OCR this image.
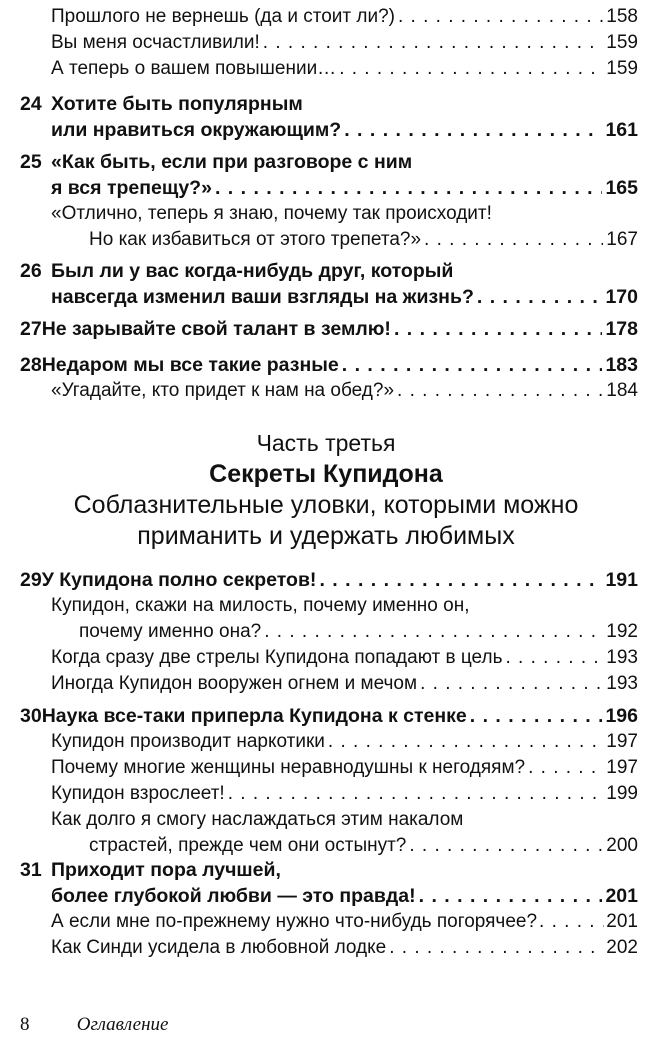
Прошлого не вернешь (да и стоит ли?) . . .	158
Вы меня осчастливили! . . .	159
А теперь о вашем повышении… . . .	159
24 Хотите быть популярным
или нравиться окружающим? . . .	161
25 «Как быть, если при разговоре с ним
я вся трепещу?» . . .	165
«Отлично, теперь я знаю, почему так происходит!
Но как избавиться от этого трепета?» . . .	167
26 Был ли у вас когда-нибудь друг, который
навсегда изменил ваши взгляды на жизнь? . . .	170
27 Не зарывайте свой талант в землю! . . .	178
28 Недаром мы все такие разные . . .	183
«Угадайте, кто придет к нам на обед?» . . .	184
Часть третья
Секреты Купидона
Соблазнительные уловки, которыми можно
приманить и удержать любимых
29 У Купидона полно секретов! . . .	191
Купидон, скажи на милость, почему именно он,
почему именно она? . . .	192
Когда сразу две стрелы Купидона попадают в цель . . .	193
Иногда Купидон вооружен огнем и мечом . . .	193
30 Наука все-таки приперла Купидона к стенке . . .	196
Купидон производит наркотики . . .	197
Почему многие женщины неравнодушны к негодяям? . . .	197
Купидон взрослеет! . . .	199
Как долго я смогу наслаждаться этим накалом
страстей, прежде чем они остынут? . . .	200
31 Приходит пора лучшей,
более глубокой любви — это правда! . . .	201
А если мне по-прежнему нужно что-нибудь погорячее? . . .	201
Как Синди усидела в любовной лодке . . .	202
8 Оглавление
